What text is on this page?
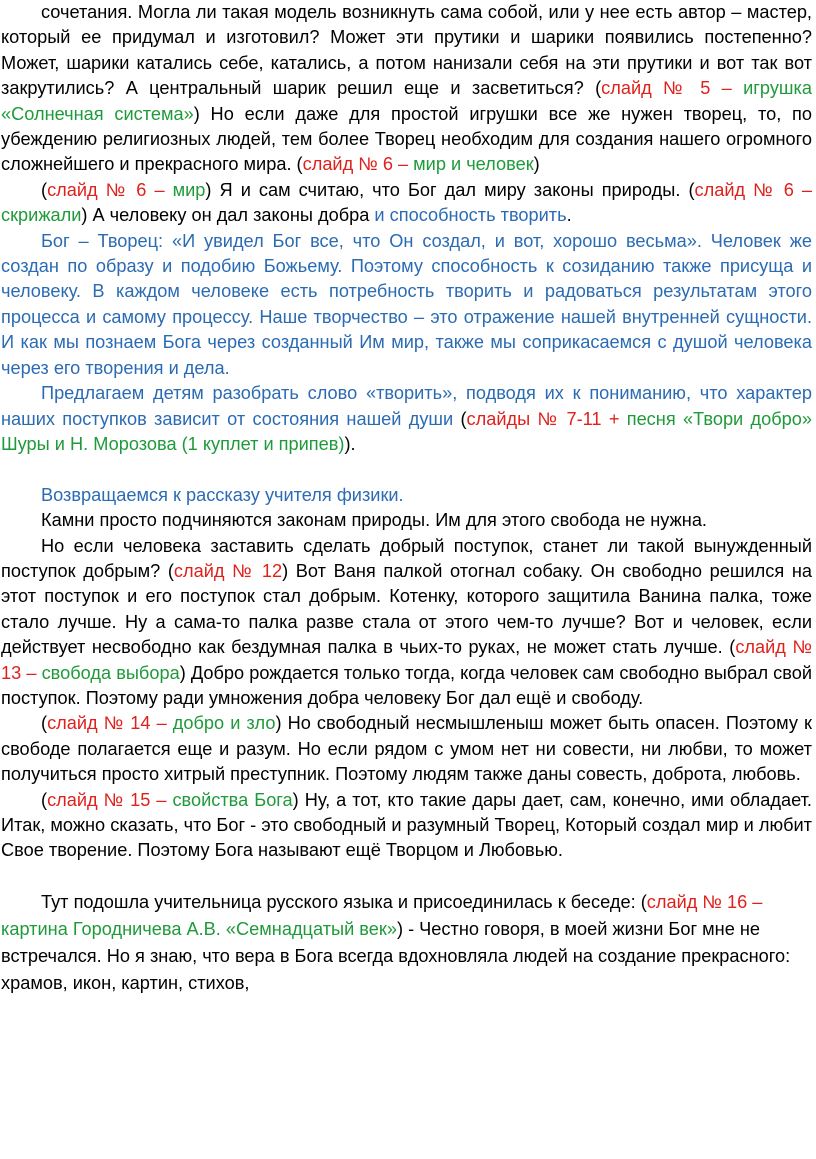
сочетания. Могла ли такая модель возникнуть сама собой, или у нее есть автор – мастер, который ее придумал и изготовил? Может эти прутики и шарики появились постепенно? Может, шарики катались себе, катались, а потом нанизали себя на эти прутики и вот так вот закрутились? А центральный шарик решил еще и засветиться? (слайд № 5 – игрушка «Солнечная система») Но если даже для простой игрушки все же нужен творец, то, по убеждению религиозных людей, тем более Творец необходим для создания нашего огромного сложнейшего и прекрасного мира. (слайд № 6 – мир и человек)

(слайд № 6 – мир) Я и сам считаю, что Бог дал миру законы природы. (слайд № 6 – скрижали) А человеку он дал законы добра и способность творить.

Бог – Творец: «И увидел Бог все, что Он создал, и вот, хорошо весьма». Человек же создан по образу и подобию Божьему. Поэтому способность к созиданию также присуща и человеку. В каждом человеке есть потребность творить и радоваться результатам этого процесса и самому процессу. Наше творчество – это отражение нашей внутренней сущности. И как мы познаем Бога через созданный Им мир, также мы соприкасаемся с душой человека через его творения и дела.

Предлагаем детям разобрать слово «творить», подводя их к пониманию, что характер наших поступков зависит от состояния нашей души (слайды № 7-11 + песня «Твори добро» Шуры и Н. Морозова (1 куплет и припев)).

Возвращаемся к рассказу учителя физики.

Камни просто подчиняются законам природы. Им для этого свобода не нужна.

Но если человека заставить сделать добрый поступок, станет ли такой вынужденный поступок добрым? (слайд № 12) Вот Ваня палкой отогнал собаку. Он свободно решился на этот поступок и его поступок стал добрым. Котенку, которого защитила Ванина палка, тоже стало лучше. Ну а сама-то палка разве стала от этого чем-то лучше? Вот и человек, если действует несвободно как бездумная палка в чьих-то руках, не может стать лучше. (слайд № 13 – свобода выбора) Добро рождается только тогда, когда человек сам свободно выбрал свой поступок. Поэтому ради умножения добра человеку Бог дал ещё и свободу.

(слайд № 14 – добро и зло) Но свободный несмышленыш может быть опасен. Поэтому к свободе полагается еще и разум. Но если рядом с умом нет ни совести, ни любви, то может получиться просто хитрый преступник. Поэтому людям также даны совесть, доброта, любовь.

(слайд № 15 – свойства Бога) Ну, а тот, кто такие дары дает, сам, конечно, ими обладает. Итак, можно сказать, что Бог - это свободный и разумный Творец, Который создал мир и любит Свое творение. Поэтому Бога называют ещё Творцом и Любовью.

Тут подошла учительница русского языка и присоединилась к беседе: (слайд № 16 – картина Городничева А.В. «Семнадцатый век») - Честно говоря, в моей жизни Бог мне не встречался. Но я знаю, что вера в Бога всегда вдохновляла людей на создание прекрасного: храмов, икон, картин, стихов,
